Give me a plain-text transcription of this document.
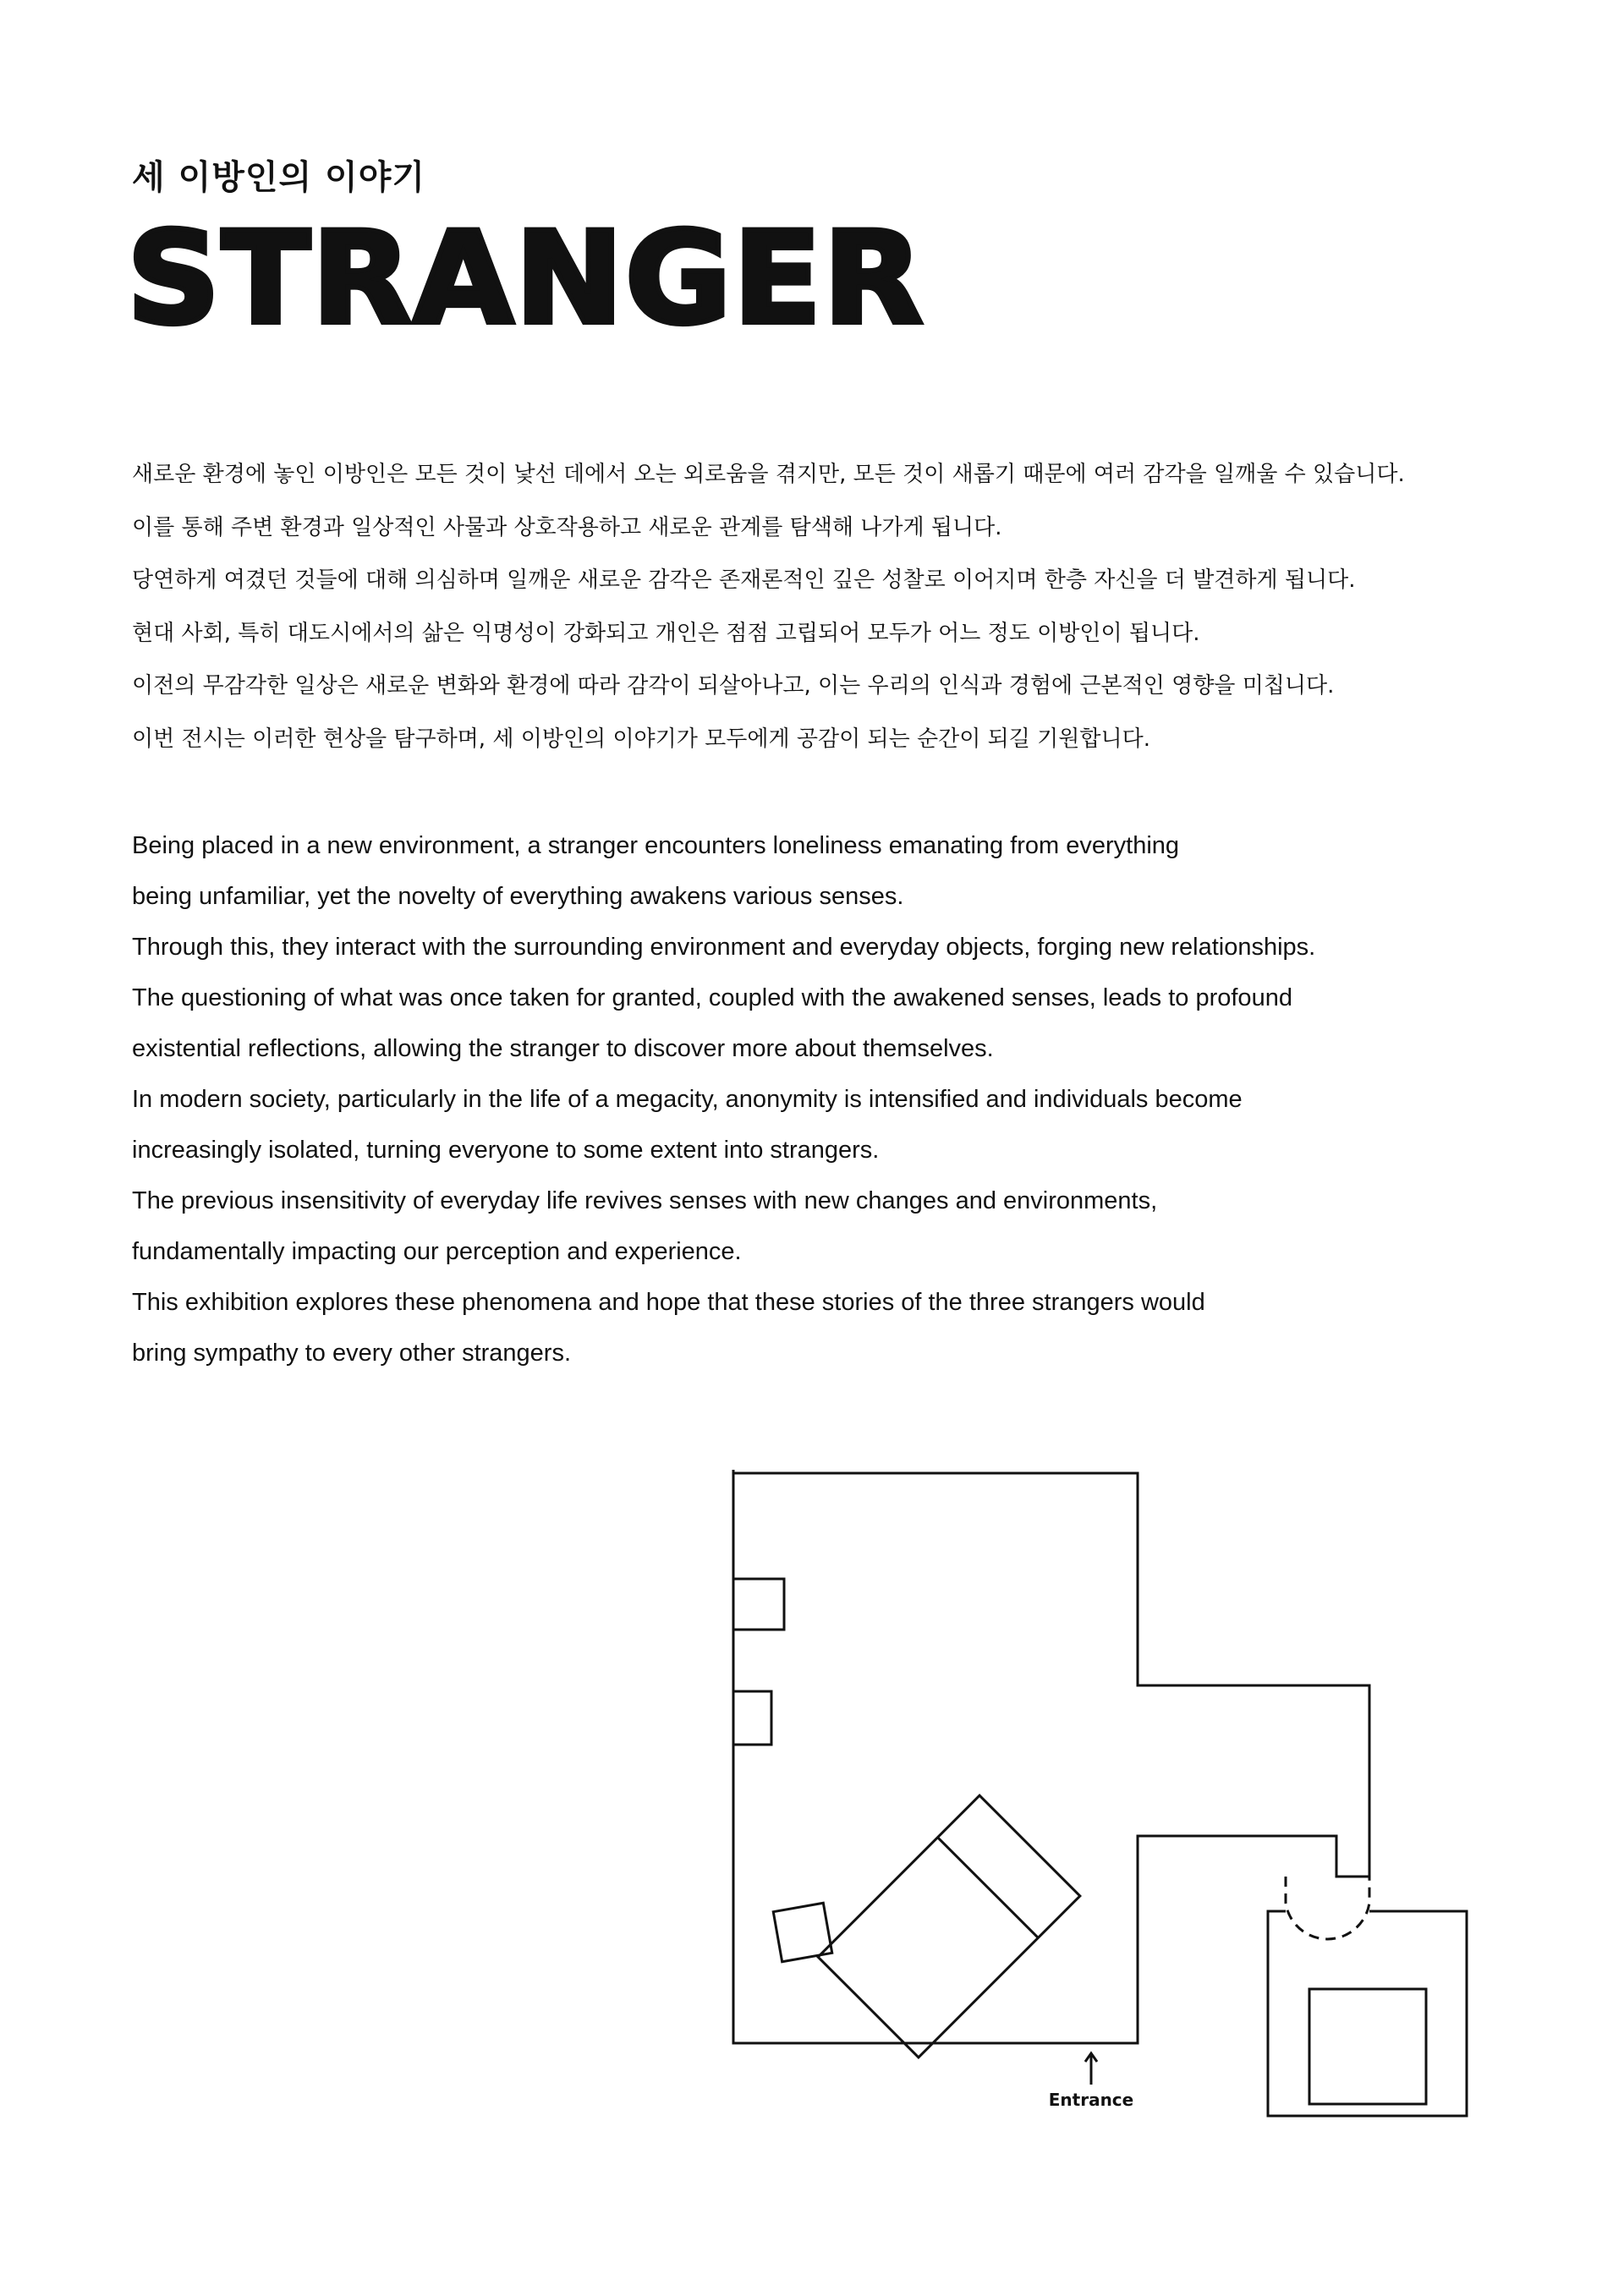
세 이방인의 이야기
STRANGER
새로운 환경에 놓인 이방인은 모든 것이 낯선 데에서 오는 외로움을 겪지만, 모든 것이 새롭기 때문에 여러 감각을 일깨울 수 있습니다.
이를 통해 주변 환경과 일상적인 사물과 상호작용하고 새로운 관계를 탐색해 나가게 됩니다.
당연하게 여겼던 것들에 대해 의심하며 일깨운 새로운 감각은 존재론적인 깊은 성찰로 이어지며 한층 자신을 더 발견하게 됩니다.
현대 사회, 특히 대도시에서의 삶은 익명성이 강화되고 개인은 점점 고립되어 모두가 어느 정도 이방인이 됩니다.
이전의 무감각한 일상은 새로운 변화와 환경에 따라 감각이 되살아나고, 이는 우리의 인식과 경험에 근본적인 영향을 미칩니다.
이번 전시는 이러한 현상을 탐구하며, 세 이방인의 이야기가 모두에게 공감이 되는 순간이 되길 기원합니다.
Being placed in a new environment, a stranger encounters loneliness emanating from everything
being unfamiliar, yet the novelty of everything awakens various senses.
Through this, they interact with the surrounding environment and everyday objects, forging new relationships.
The questioning of what was once taken for granted, coupled with the awakened senses, leads to profound
existential reflections, allowing the stranger to discover more about themselves.
In modern society, particularly in the life of a megacity, anonymity is intensified and individuals become
increasingly isolated, turning everyone to some extent into strangers.
The previous insensitivity of everyday life revives senses with new changes and environments,
fundamentally impacting our perception and experience.
This exhibition explores these phenomena and hope that these stories of the three strangers would
bring sympathy to every other strangers.
Entrance
